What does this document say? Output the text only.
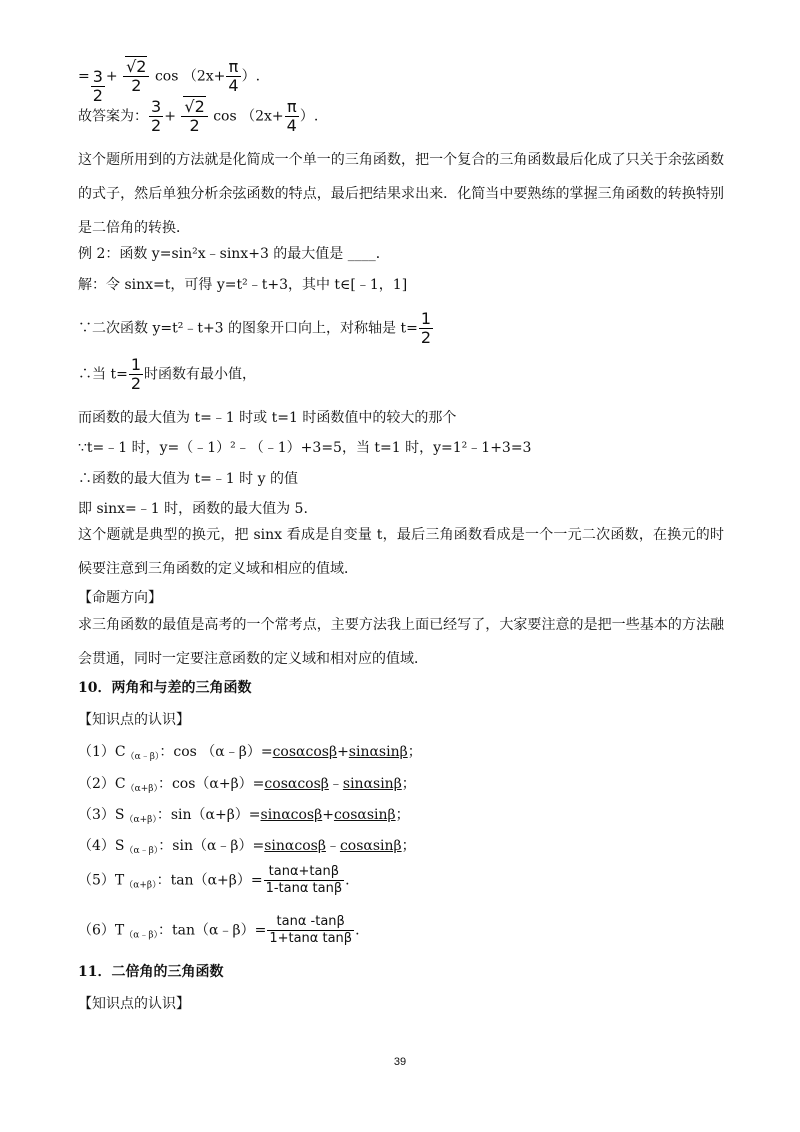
= $\frac{3}{2} + \frac{√2}{2}$ $\cos (2x+ \frac{\pi}{4}$ ）.
故答案为： $\frac{3}{2} + \frac{√2}{2}$ $\cos (2x+ \frac{\pi}{4}$ ）.
这个题所用到的方法就是化简成一个单一的三角函数，把一个复合的三角函数最后化成了只关于余弦函数的式子，然后单独分析余弦函数的特点，最后把结果求出来．化简当中要熟练的掌握三角函数的转换特别是二倍角的转换．
例 2：函数 y=sin²x﹣sinx+3 的最大值是 ____．
解：令 sinx=t，可得 y=t²﹣t+3，其中 t∈[﹣1，1]
∵二次函数 y=t²﹣t+3 的图象开口向上，对称轴是 $t= \frac{1}{2}$
∴当 $t= \frac{1}{2}$ 时函数有最小值，
而函数的最大值为 t=﹣1 时或 t=1 时函数值中的较大的那个
∵t=﹣1 时，y=（﹣1）²﹣（﹣1）+3=5，当 t=1 时，y=1²﹣1+3=3
∴函数的最大值为 t=﹣1 时 y 的值
即 sinx=﹣1 时，函数的最大值为 5.
这个题就是典型的换元，把 sinx 看成是自变量 t，最后三角函数看成是一个一元二次函数，在换元的时候要注意到三角函数的定义域和相应的值域．
【命题方向】
求三角函数的最值是高考的一个常考点，主要方法我上面已经写了，大家要注意的是把一些基本的方法融会贯通，同时一定要注意函数的定义域和相对应的值域．
10．两角和与差的三角函数
【知识点的认识】
$(1)C_{(\alpha﹣\beta)}$：cos （α﹣β）=cosαcosβ+sinαsinβ；
$(2)C_{(\alpha+\beta)}$：cos（α+β）=cosαcosβ﹣sinαsinβ；
$(3)S_{(\alpha+\beta)}$：sin（α+β）=sinαcosβ+cosαsinβ；
$(4)S_{(\alpha﹣\beta)}$：sin（α﹣β）=sinαcosβ﹣cosαsinβ；
$(5)T_{(\alpha+\beta)}$：$\tan(\alpha+\beta)= \frac{\tan\alpha+\tan\beta}{\text{1-tanα tanβ}}$ .
$(6)T_{(\alpha﹣\beta)}$：tan（α﹣β）= $\frac{\tan\alpha -\tan\beta}{\text{1+tanα tanβ}}$ .
11．二倍角的三角函数
【知识点的认识】
39
